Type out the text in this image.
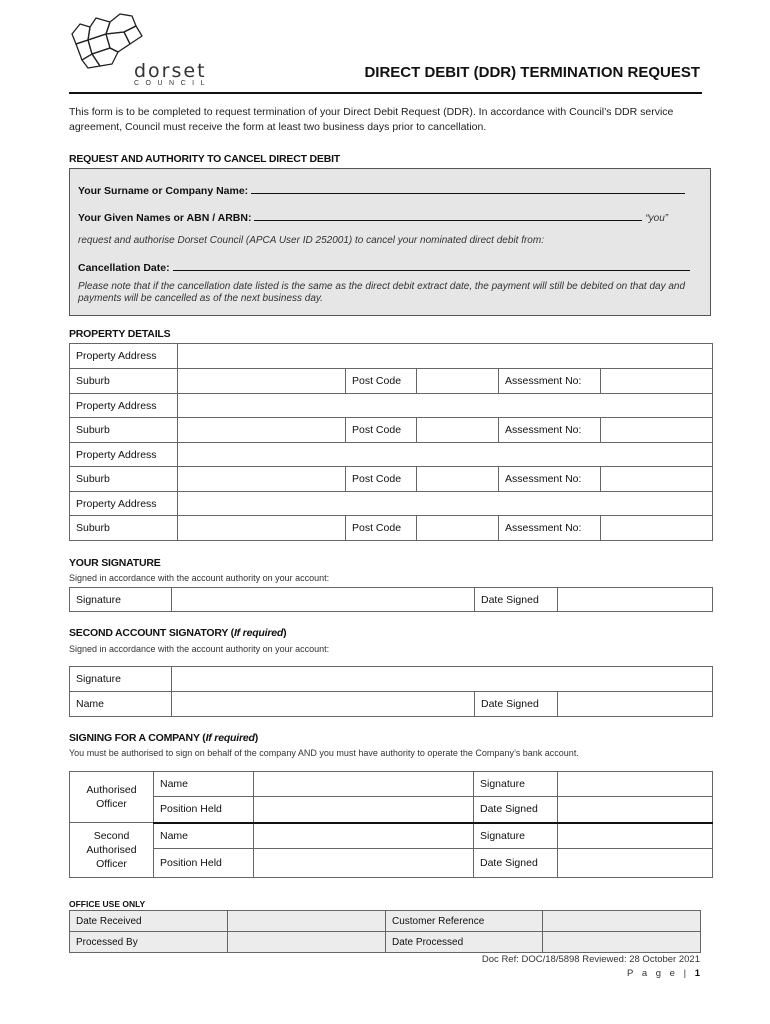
dorset
COUNCIL
DIRECT DEBIT (DDR) TERMINATION REQUEST
This form is to be completed to request termination of your Direct Debit Request (DDR). In accordance with Council’s DDR service agreement, Council must receive the form at least two business days prior to cancellation.
REQUEST AND AUTHORITY TO CANCEL DIRECT DEBIT
Your Surname or Company Name:
Your Given Names or ABN / ARBN:	“you”
request and authorise Dorset Council (APCA User ID 252001) to cancel your nominated direct debit from:
Cancellation Date:
Please note that if the cancellation date listed is the same as the direct debit extract date, the payment will still be debited on that day and payments will be cancelled as of the next business day.
PROPERTY DETAILS
Property Address					
Suburb		Post Code		Assessment No:	
Property Address					
Suburb		Post Code		Assessment No:	
Property Address					
Suburb		Post Code		Assessment No:	
Property Address					
Suburb		Post Code		Assessment No:	
YOUR SIGNATURE
Signed in accordance with the account authority on your account:
Signature		Date Signed	
SECOND ACCOUNT SIGNATORY (If required)
Signed in accordance with the account authority on your account:
Signature			
Name		Date Signed	
SIGNING FOR A COMPANY (If required)
You must be authorised to sign on behalf of the company AND you must have authority to operate the Company’s bank account.
Authorised
Officer	Name		Signature	
	Position Held		Date Signed	
Second
Authorised
Officer	Name		Signature	
	Position Held		Date Signed	
OFFICE USE ONLY
Date Received		Customer Reference	
Processed By		Date Processed	
Doc Ref: DOC/18/5898 Reviewed: 28 October 2021
P a g e | 1
